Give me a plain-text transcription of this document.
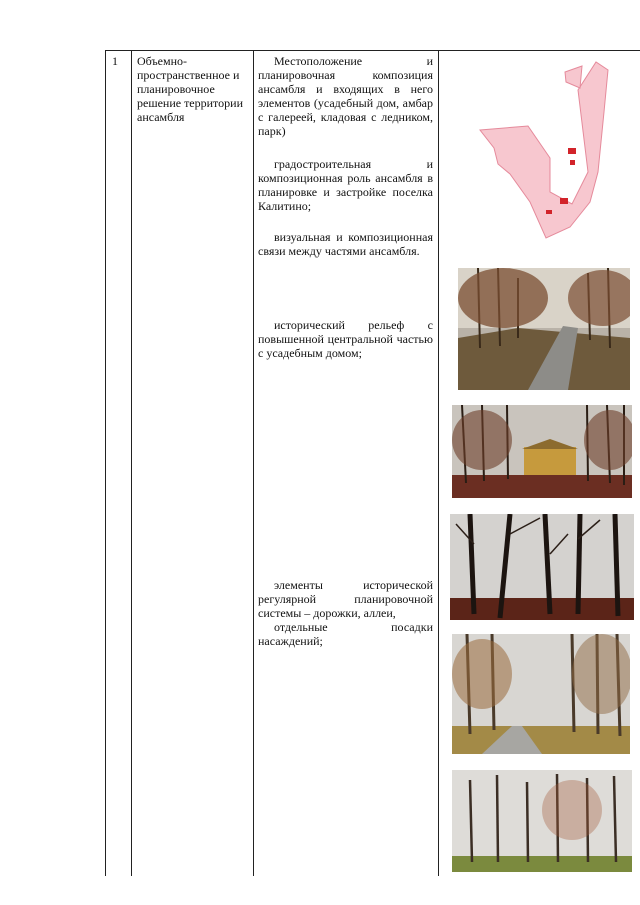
1 Объемно-пространственное и планировочное решение территории ансамбля
Местоположение и планировочная композиция ансамбля и входящих в него элементов (усадебный дом, амбар с галереей, кладовая с ледником, парк)
градостроительная и композиционная роль ансамбля в планировке и застройке поселка Калитино;
визуальная и композиционная связи между частями ансамбля.
исторический рельеф с повышенной центральной частью с усадебным домом;
элементы исторической регулярной планировочной системы – дорожки, аллеи,
отдельные посадки насаждений;
